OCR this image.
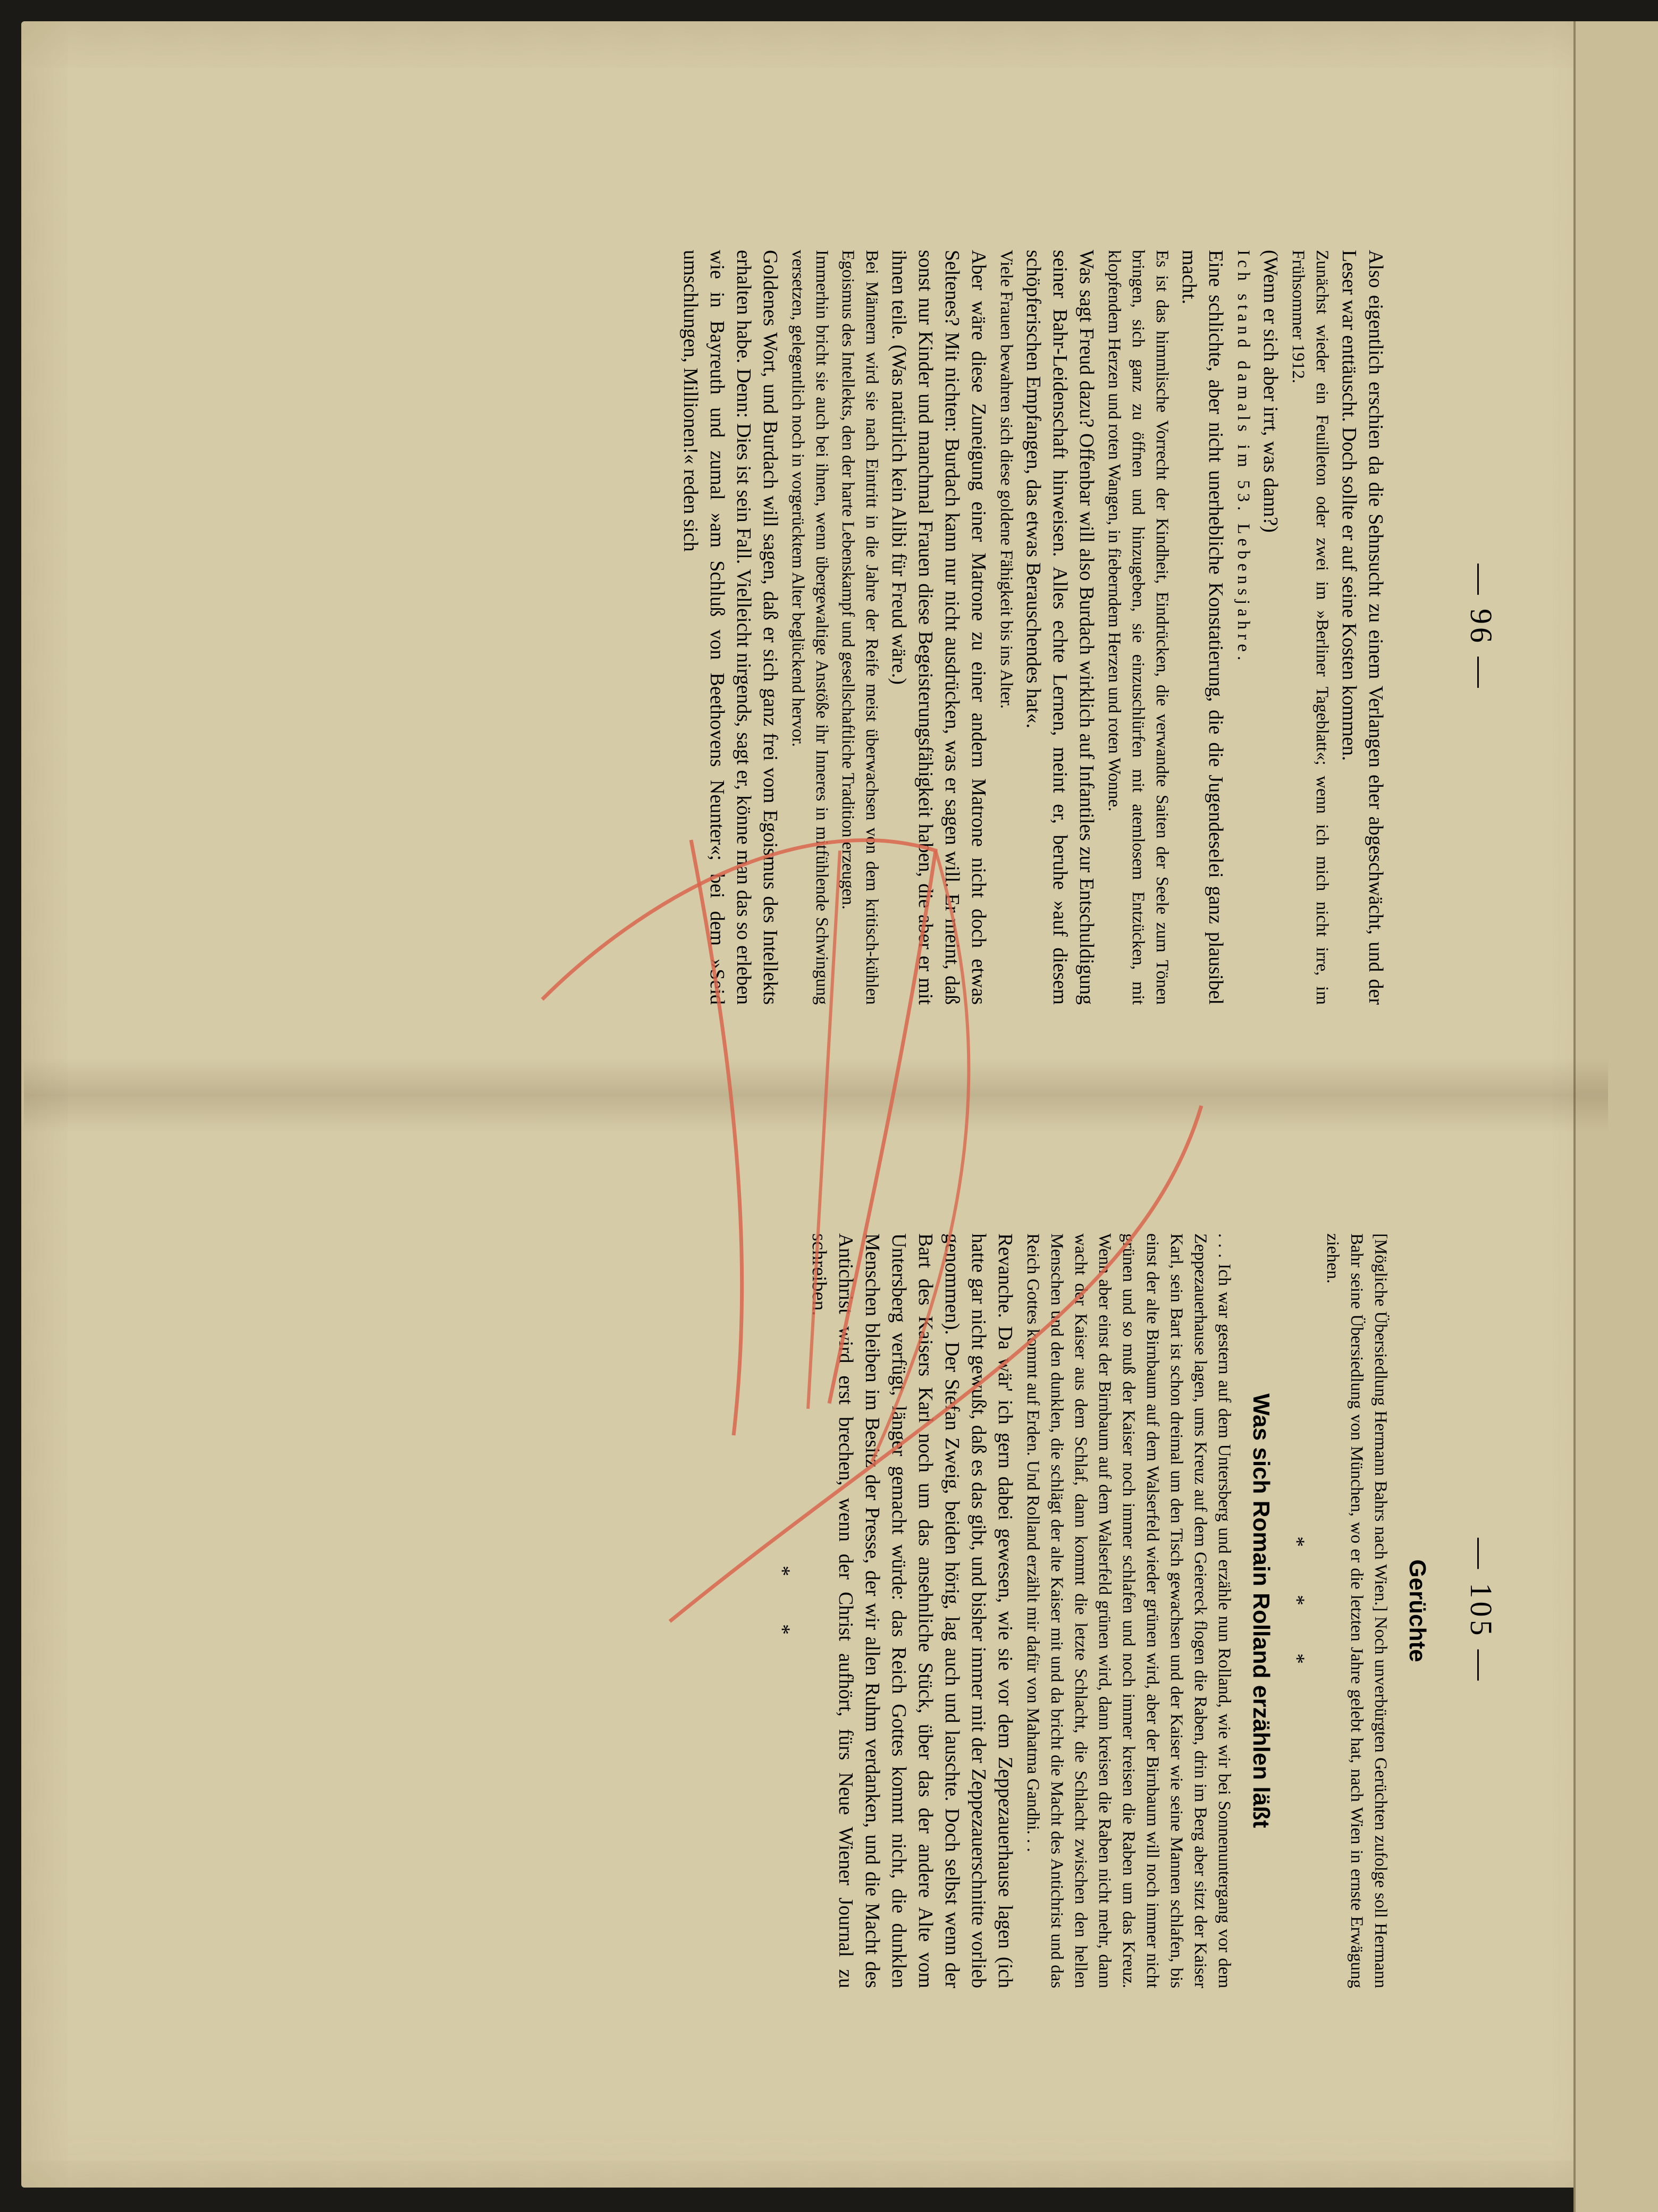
— 96 —

Also eigentlich erschien da die Sehnsucht zu einem Verlangen eher abgeschwächt, und der Leser war enttäuscht. Doch sollte er auf seine Kosten kommen.

Zunächst wieder ein Feuilleton oder zwei im »Berliner Tageblatt«; wenn ich mich nicht irre, im Frühsommer 1912.

(Wenn er sich aber irrt, was dann?)

Ich stand damals im 53. Lebensjahre.

Eine schlichte, aber nicht unerhebliche Konstatierung, die die Jugendeselei ganz plausibel macht.

Es ist das himmlische Vorrecht der Kindheit, Eindrücken, die verwandte Saiten der Seele zum Tönen bringen, sich ganz zu öffnen und hinzugeben, sie einzuschlürfen mit atemlosem Entzücken, mit klopfendem Herzen und roten Wangen, in fieberndem Herzen und roten Wonne.

Was sagt Freud dazu? Offenbar will also Burdach wirklich auf Infantiles zur Entschuldigung seiner Bahr-Leidenschaft hinweisen. Alles echte Lernen, meint er, beruhe »auf diesem schöpferischen Empfangen, das etwas Berauschendes hat«.

Viele Frauen bewahren sich diese goldene Fähigkeit bis ins Alter.

Aber wäre diese Zuneigung einer Matrone zu einer andern Matrone nicht doch etwas Seltenes? Mit nichten: Burdach kann nur nicht ausdrücken, was er sagen will. Er meint, daß sonst nur Kinder und manchmal Frauen diese Begeisterungsfähigkeit haben, die aber er mit ihnen teile. (Was natürlich kein Alibi für Freud wäre.)

Bei Männern wird sie nach Eintritt in die Jahre der Reife meist überwachsen von dem kritisch-kühlen Egoismus des Intellekts, den der harte Lebenskampf und gesellschaftliche Tradition erzeugen.

Immerhin bricht sie auch bei ihnen, wenn übergewaltige Anstöße ihr Inneres in mitfühlende Schwingung versetzen, gelegentlich noch in vorgerücktem Alter beglückend hervor.

Goldenes Wort, und Burdach will sagen, daß er sich ganz frei vom Egoismus des Intellekts erhalten habe. Denn: Dies ist sein Fall. Vielleicht nirgends, sagt er, könne man das so erleben wie in Bayreuth und zumal »am Schluß von Beethovens Neunter«; bei dem »Seid umschlungen, Millionen!« reden sich

— 105 —
Gerüchte

[Mögliche Übersiedlung Hermann Bahrs nach Wien.] Noch unverbürgten Gerüchten zufolge soll Hermann Bahr seine Übersiedlung von München, wo er die letzten Jahre gelebt hat, nach Wien in ernste Erwägung ziehen.

* * *
Was sich Romain Rolland erzählen läßt

. . . Ich war gestern auf dem Untersberg und erzähle nun Rolland, wie wir bei Sonnenuntergang vor dem Zeppezauerhause lagen, ums Kreuz auf dem Geiereck flogen die Raben, drin im Berg aber sitzt der Kaiser Karl, sein Bart ist schon dreimal um den Tisch gewachsen und der Kaiser wie seine Mannen schlafen, bis einst der alte Birnbaum auf dem Walserfeld wieder grünen wird, aber der Birnbaum will noch immer nicht grünen und so muß der Kaiser noch immer schlafen und noch immer kreisen die Raben um das Kreuz. Wenn aber einst der Birnbaum auf dem Walserfeld grünen wird, dann kreisen die Raben nicht mehr, dann wacht der Kaiser aus dem Schlaf, dann kommt die letzte Schlacht, die Schlacht zwischen den hellen Menschen und den dunklen, die schlägt der alte Kaiser mit und da bricht die Macht des Antichrist und das Reich Gottes kommt auf Erden. Und Rolland erzählt mir dafür von Mahatma Gandhi. . .

Revanche. Da wär' ich gern dabei gewesen, wie sie vor dem Zeppezauerhause lagen (ich hatte gar nicht gewußt, daß es das gibt, und bisher immer mit der Zeppezauerschnitte vorlieb genommen). Der Stefan Zweig, beiden hörig, lag auch und lauschte. Doch selbst wenn der Bart des Kaisers Karl noch um das ansehnliche Stück, über das der andere Alte vom Untersberg verfügt, länger gemacht würde: das Reich Gottes kommt nicht, die dunklen Menschen bleiben im Besitz der Presse, der wir allen Ruhm verdanken, und die Macht des Antichrist wird erst brechen, wenn der Christ aufhört, fürs Neue Wiener Journal zu schreiben.

* *
